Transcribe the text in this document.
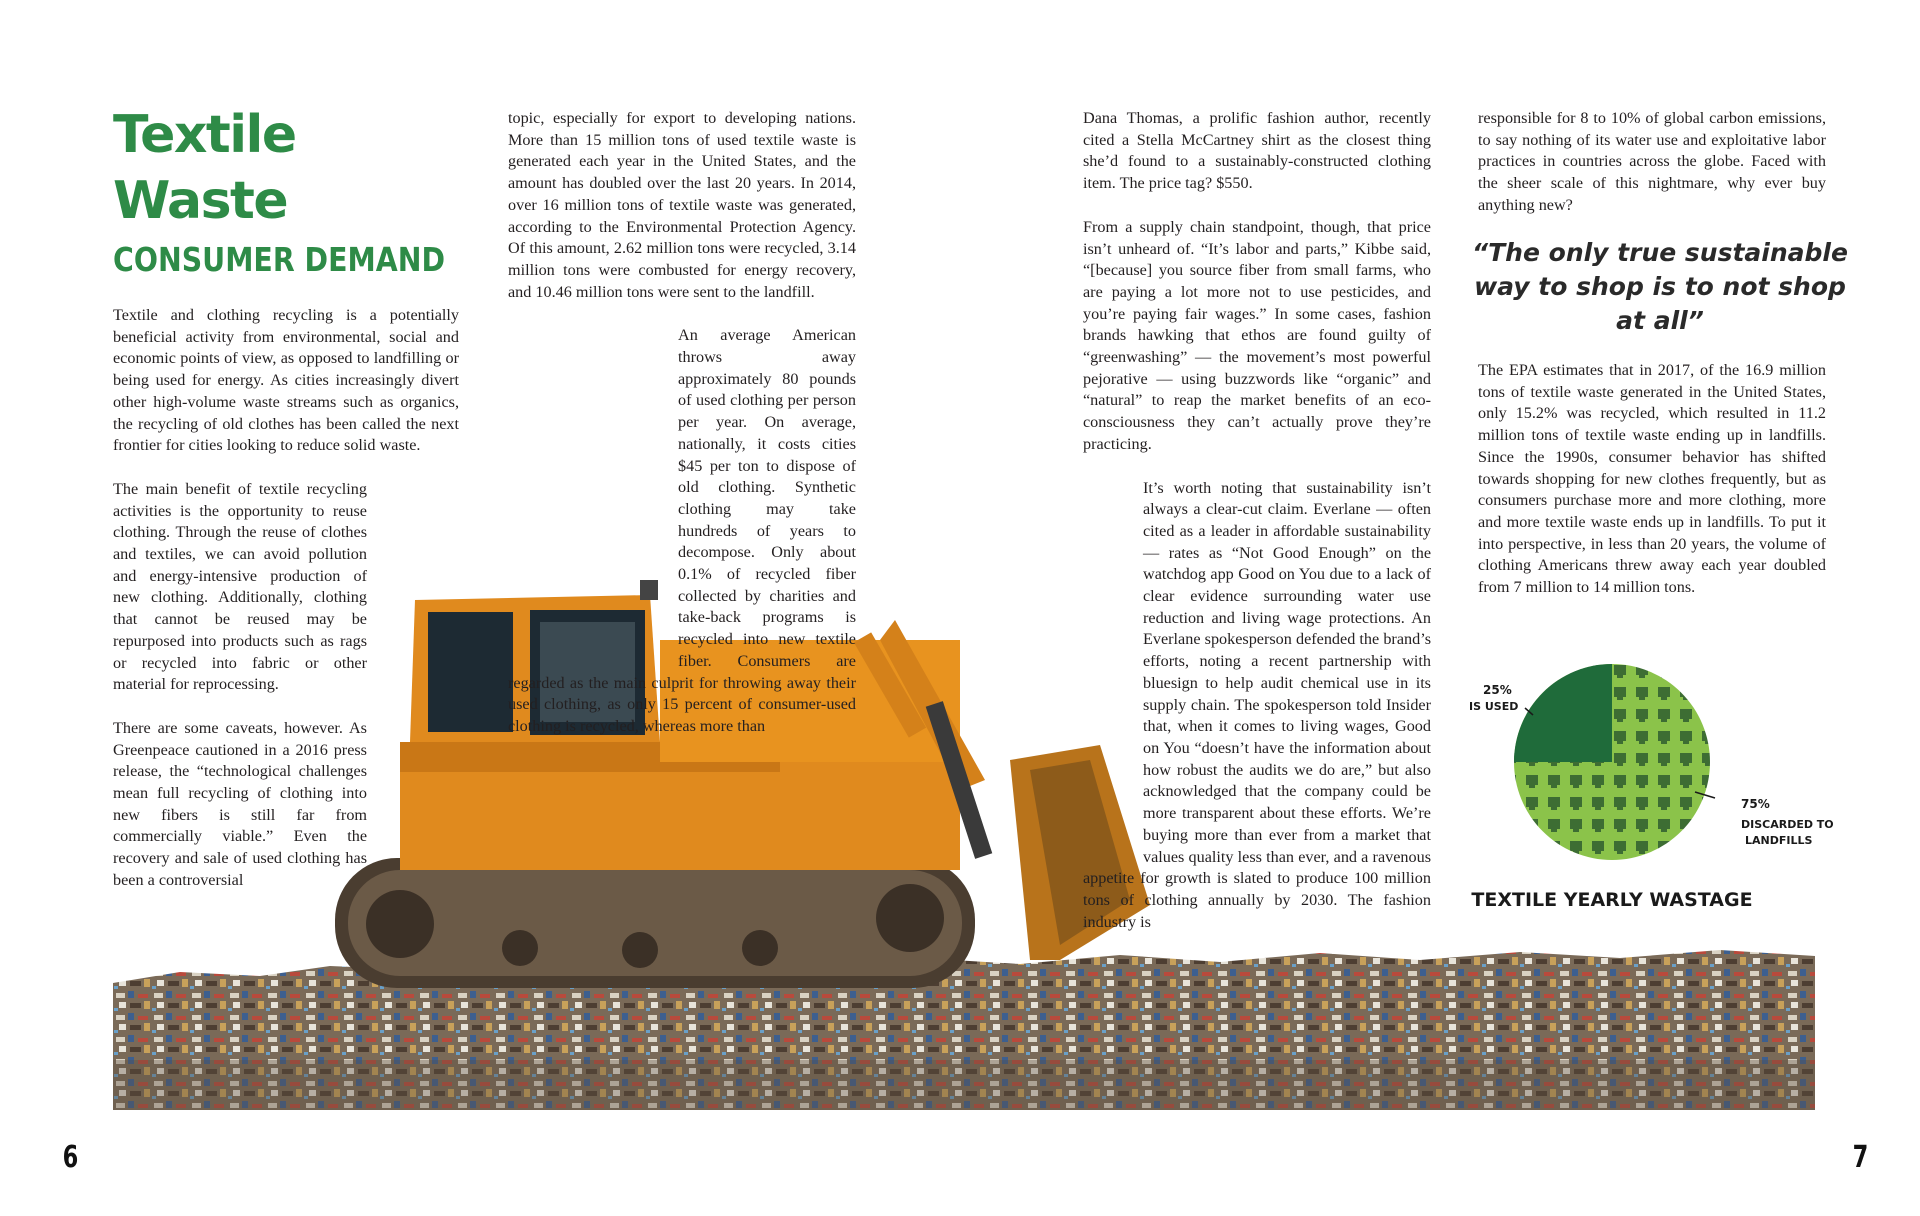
Textile
Waste
CONSUMER DEMAND

Textile and clothing recycling is a potentially beneficial activity from environmental, social and economic points of view, as opposed to landfilling or being used for energy. As cities increasingly divert other high-volume waste streams such as organics, the recycling of old clothes has been called the next frontier for cities looking to reduce solid waste.

The main benefit of textile recycling activities is the opportunity to reuse clothing. Through the reuse of clothes and textiles, we can avoid pollution and energy-intensive production of new clothing. Additionally, clothing that cannot be reused may be repurposed into products such as rags or recycled into fabric or other material for reprocessing.

There are some caveats, however. As Greenpeace cautioned in a 2016 press release, the “technological challenges mean full recycling of clothing into new fibers is still far from commercially viable.” Even the recovery and sale of used clothing has been a controversial

topic, especially for export to developing nations. More than 15 million tons of used textile waste is generated each year in the United States, and the amount has doubled over the last 20 years. In 2014, over 16 million tons of textile waste was generated, according to the Environmental Protection Agency. Of this amount, 2.62 million tons were recycled, 3.14 million tons were combusted for energy recovery, and 10.46 million tons were sent to the landfill.

An average American throws away approximately 80 pounds of used clothing per person per year. On average, nationally, it costs cities $45 per ton to dispose of old clothing. Synthetic clothing may take hundreds of years to decompose. Only about 0.1% of recycled fiber collected by charities and take-back programs is recycled into new textile fiber. Consumers are regarded as the main culprit for throwing away their used clothing, as only 15 percent of consumer-used clothing is recycled, whereas more than

Dana Thomas, a prolific fashion author, recently cited a Stella McCartney shirt as the closest thing she’d found to a sustainably-constructed clothing item. The price tag? $550.

From a supply chain standpoint, though, that price isn’t unheard of. “It’s labor and parts,” Kibbe said, “[because] you source fiber from small farms, who are paying a lot more not to use pesticides, and you’re paying fair wages.” In some cases, fashion brands hawking that ethos are found guilty of “greenwashing” — the movement’s most powerful pejorative — using buzzwords like “organic” and “natural” to reap the market benefits of an eco-consciousness they can’t actually prove they’re practicing.

It’s worth noting that sustainability isn’t always a clear-cut claim. Everlane — often cited as a leader in affordable sustainability — rates as “Not Good Enough” on the watchdog app Good on You due to a lack of clear evidence surrounding water use reduction and living wage protections. An Everlane spokesperson defended the brand’s efforts, noting a recent partnership with bluesign to help audit chemical use in its supply chain. The spokesperson told Insider that, when it comes to living wages, Good on You “doesn’t have the information about how robust the audits we do are,” but also acknowledged that the company could be more transparent about these efforts. We’re buying more than ever from a market that values quality less than ever, and a ravenous appetite for growth is slated to produce 100 million tons of clothing annually by 2030. The fashion industry is

responsible for 8 to 10% of global carbon emissions, to say nothing of its water use and exploitative labor practices in countries across the globe. Faced with the sheer scale of this nightmare, why ever buy anything new?

“The only true sustainable way to shop is to not shop at all”

The EPA estimates that in 2017, of the 16.9 million tons of textile waste generated in the United States, only 15.2% was recycled, which resulted in 11.2 million tons of textile waste ending up in landfills. Since the 1990s, consumer behavior has shifted towards shopping for new clothes frequently, but as consumers purchase more and more clothing, more and more textile waste ends up in landfills. To put it into perspective, in less than 20 years, the volume of clothing Americans threw away each year doubled from 7 million to 14 million tons.

25%
IS USED
75%
DISCARDED TO
LANDFILLS
TEXTILE YEARLY WASTAGE

6	7
